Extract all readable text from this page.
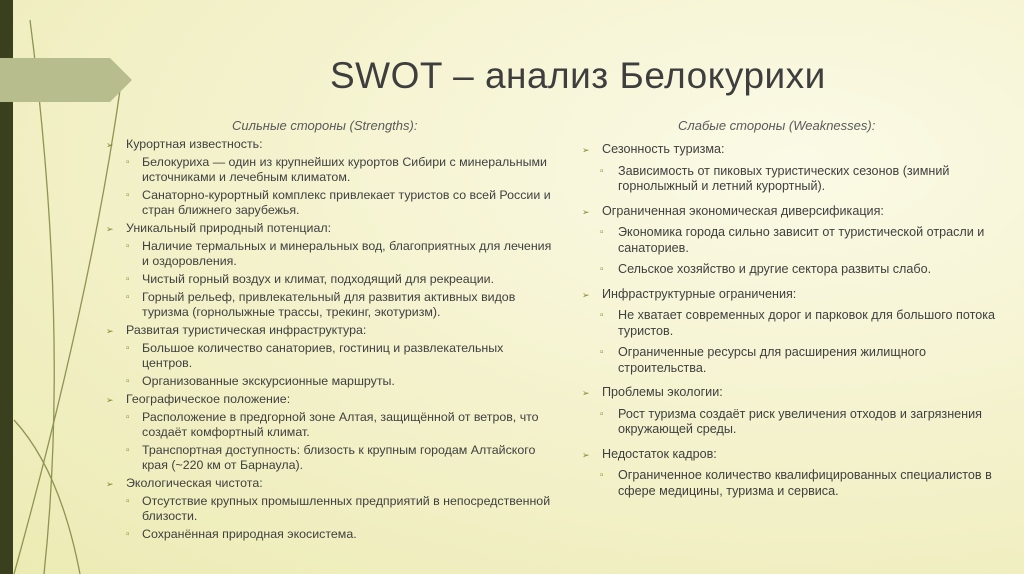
SWOT – анализ Белокурихи
Сильные стороны (Strengths):
➢ Курортная известность:
▫ Белокуриха — один из крупнейших курортов Сибири с минеральными источниками и лечебным климатом.
▫ Санаторно-курортный комплекс привлекает туристов со всей России и стран ближнего зарубежья.
➢ Уникальный природный потенциал:
▫ Наличие термальных и минеральных вод, благоприятных для лечения и оздоровления.
▫ Чистый горный воздух и климат, подходящий для рекреации.
▫ Горный рельеф, привлекательный для развития активных видов туризма (горнолыжные трассы, трекинг, экотуризм).
➢ Развитая туристическая инфраструктура:
▫ Большое количество санаториев, гостиниц и развлекательных центров.
▫ Организованные экскурсионные маршруты.
➢ Географическое положение:
▫ Расположение в предгорной зоне Алтая, защищённой от ветров, что создаёт комфортный климат.
▫ Транспортная доступность: близость к крупным городам Алтайского края (~220 км от Барнаула).
➢ Экологическая чистота:
▫ Отсутствие крупных промышленных предприятий в непосредственной близости.
▫ Сохранённая природная экосистема.
Слабые стороны (Weaknesses):
➢ Сезонность туризма:
▫ Зависимость от пиковых туристических сезонов (зимний горнолыжный и летний курортный).
➢ Ограниченная экономическая диверсификация:
▫ Экономика города сильно зависит от туристической отрасли и санаториев.
▫ Сельское хозяйство и другие сектора развиты слабо.
➢ Инфраструктурные ограничения:
▫ Не хватает современных дорог и парковок для большого потока туристов.
▫ Ограниченные ресурсы для расширения жилищного строительства.
➢ Проблемы экологии:
▫ Рост туризма создаёт риск увеличения отходов и загрязнения окружающей среды.
➢ Недостаток кадров:
▫ Ограниченное количество квалифицированных специалистов в сфере медицины, туризма и сервиса.
